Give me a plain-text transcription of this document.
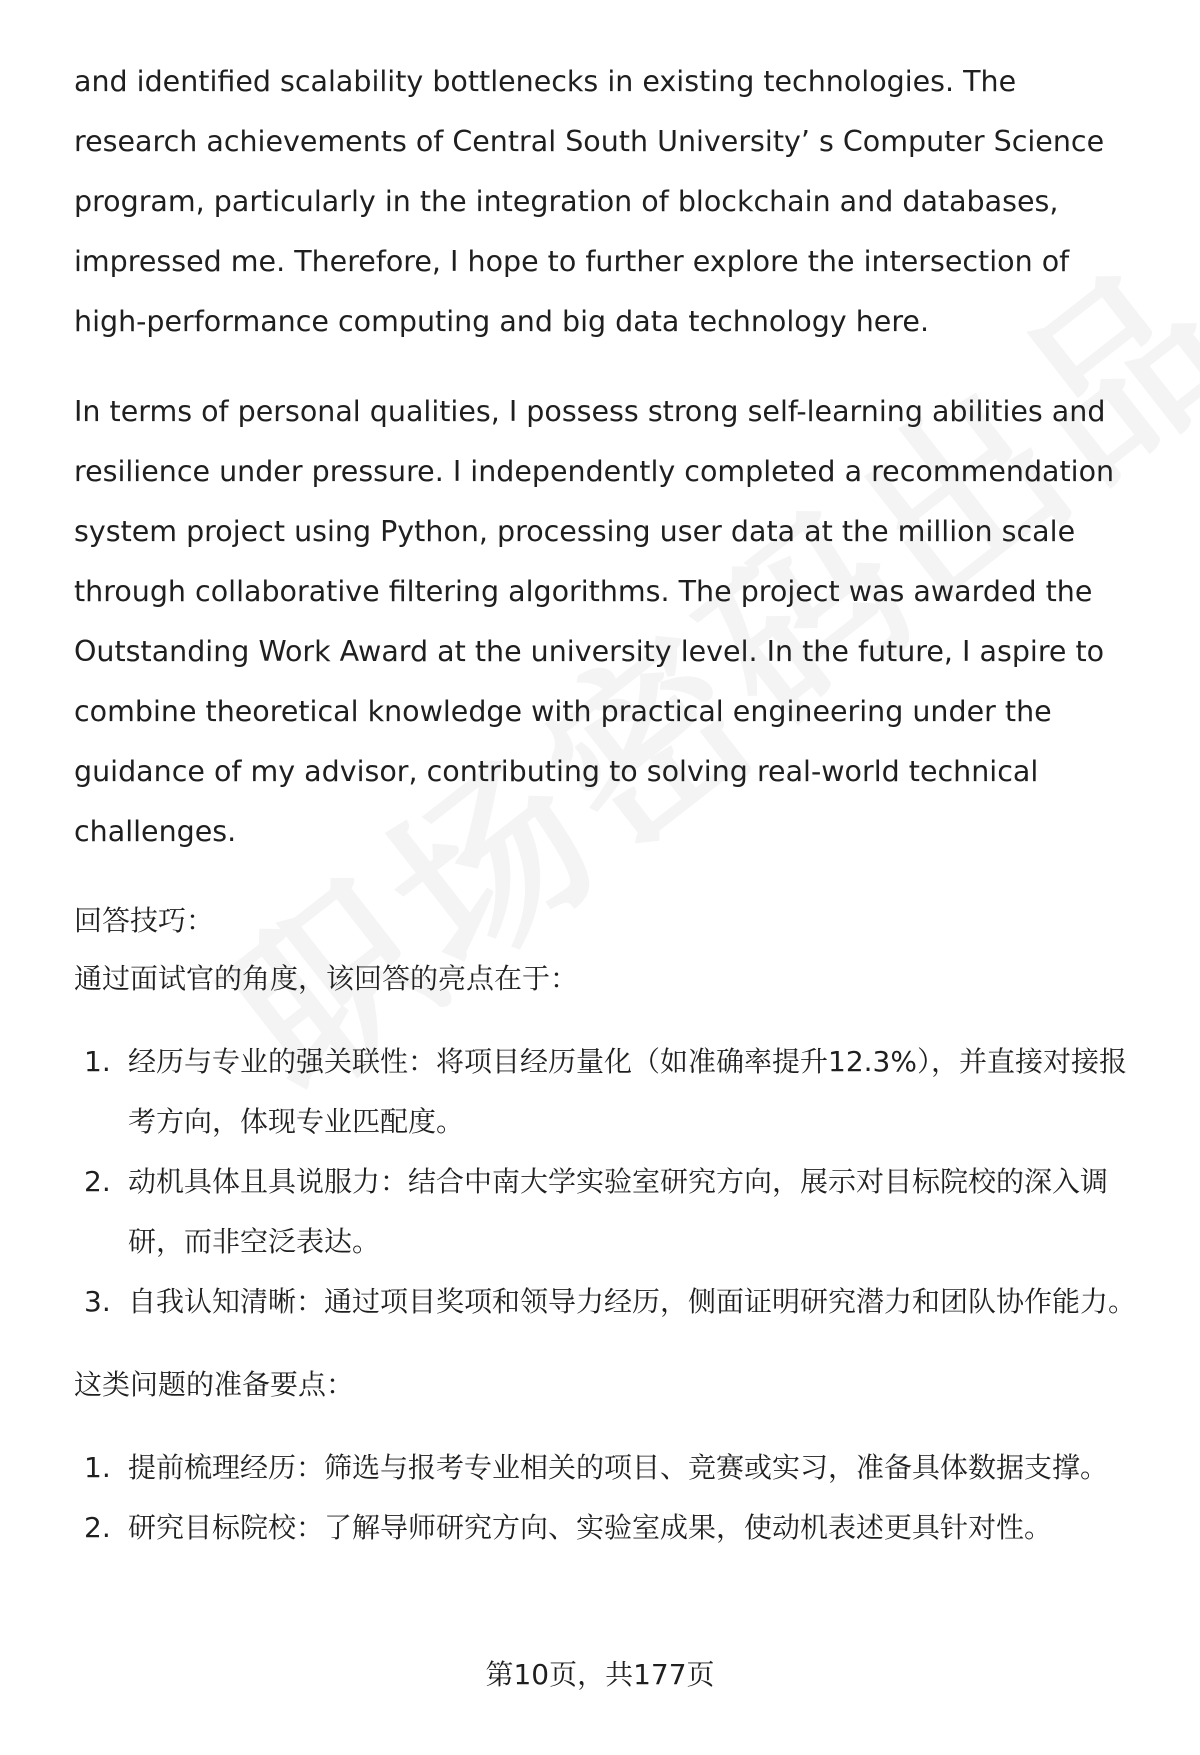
and identified scalability bottlenecks in existing technologies. The research achievements of Central South University’ s Computer Science program, particularly in the integration of blockchain and databases, impressed me. Therefore, I hope to further explore the intersection of high-performance computing and big data technology here.

In terms of personal qualities, I possess strong self-learning abilities and resilience under pressure. I independently completed a recommendation system project using Python, processing user data at the million scale through collaborative filtering algorithms. The project was awarded the Outstanding Work Award at the university level. In the future, I aspire to combine theoretical knowledge with practical engineering under the guidance of my advisor, contributing to solving real-world technical challenges.

回答技巧：

通过面试官的角度，该回答的亮点在于：

1. 经历与专业的强关联性：将项目经历量化（如准确率提升12.3%），并直接对接报考方向，体现专业匹配度。
2. 动机具体且具说服力：结合中南大学实验室研究方向，展示对目标院校的深入调研，而非空泛表达。
3. 自我认知清晰：通过项目奖项和领导力经历，侧面证明研究潜力和团队协作能力。

这类问题的准备要点：

1. 提前梳理经历：筛选与报考专业相关的项目、竞赛或实习，准备具体数据支撑。
2. 研究目标院校：了解导师研究方向、实验室成果，使动机表述更具针对性。
第10页，共177页
